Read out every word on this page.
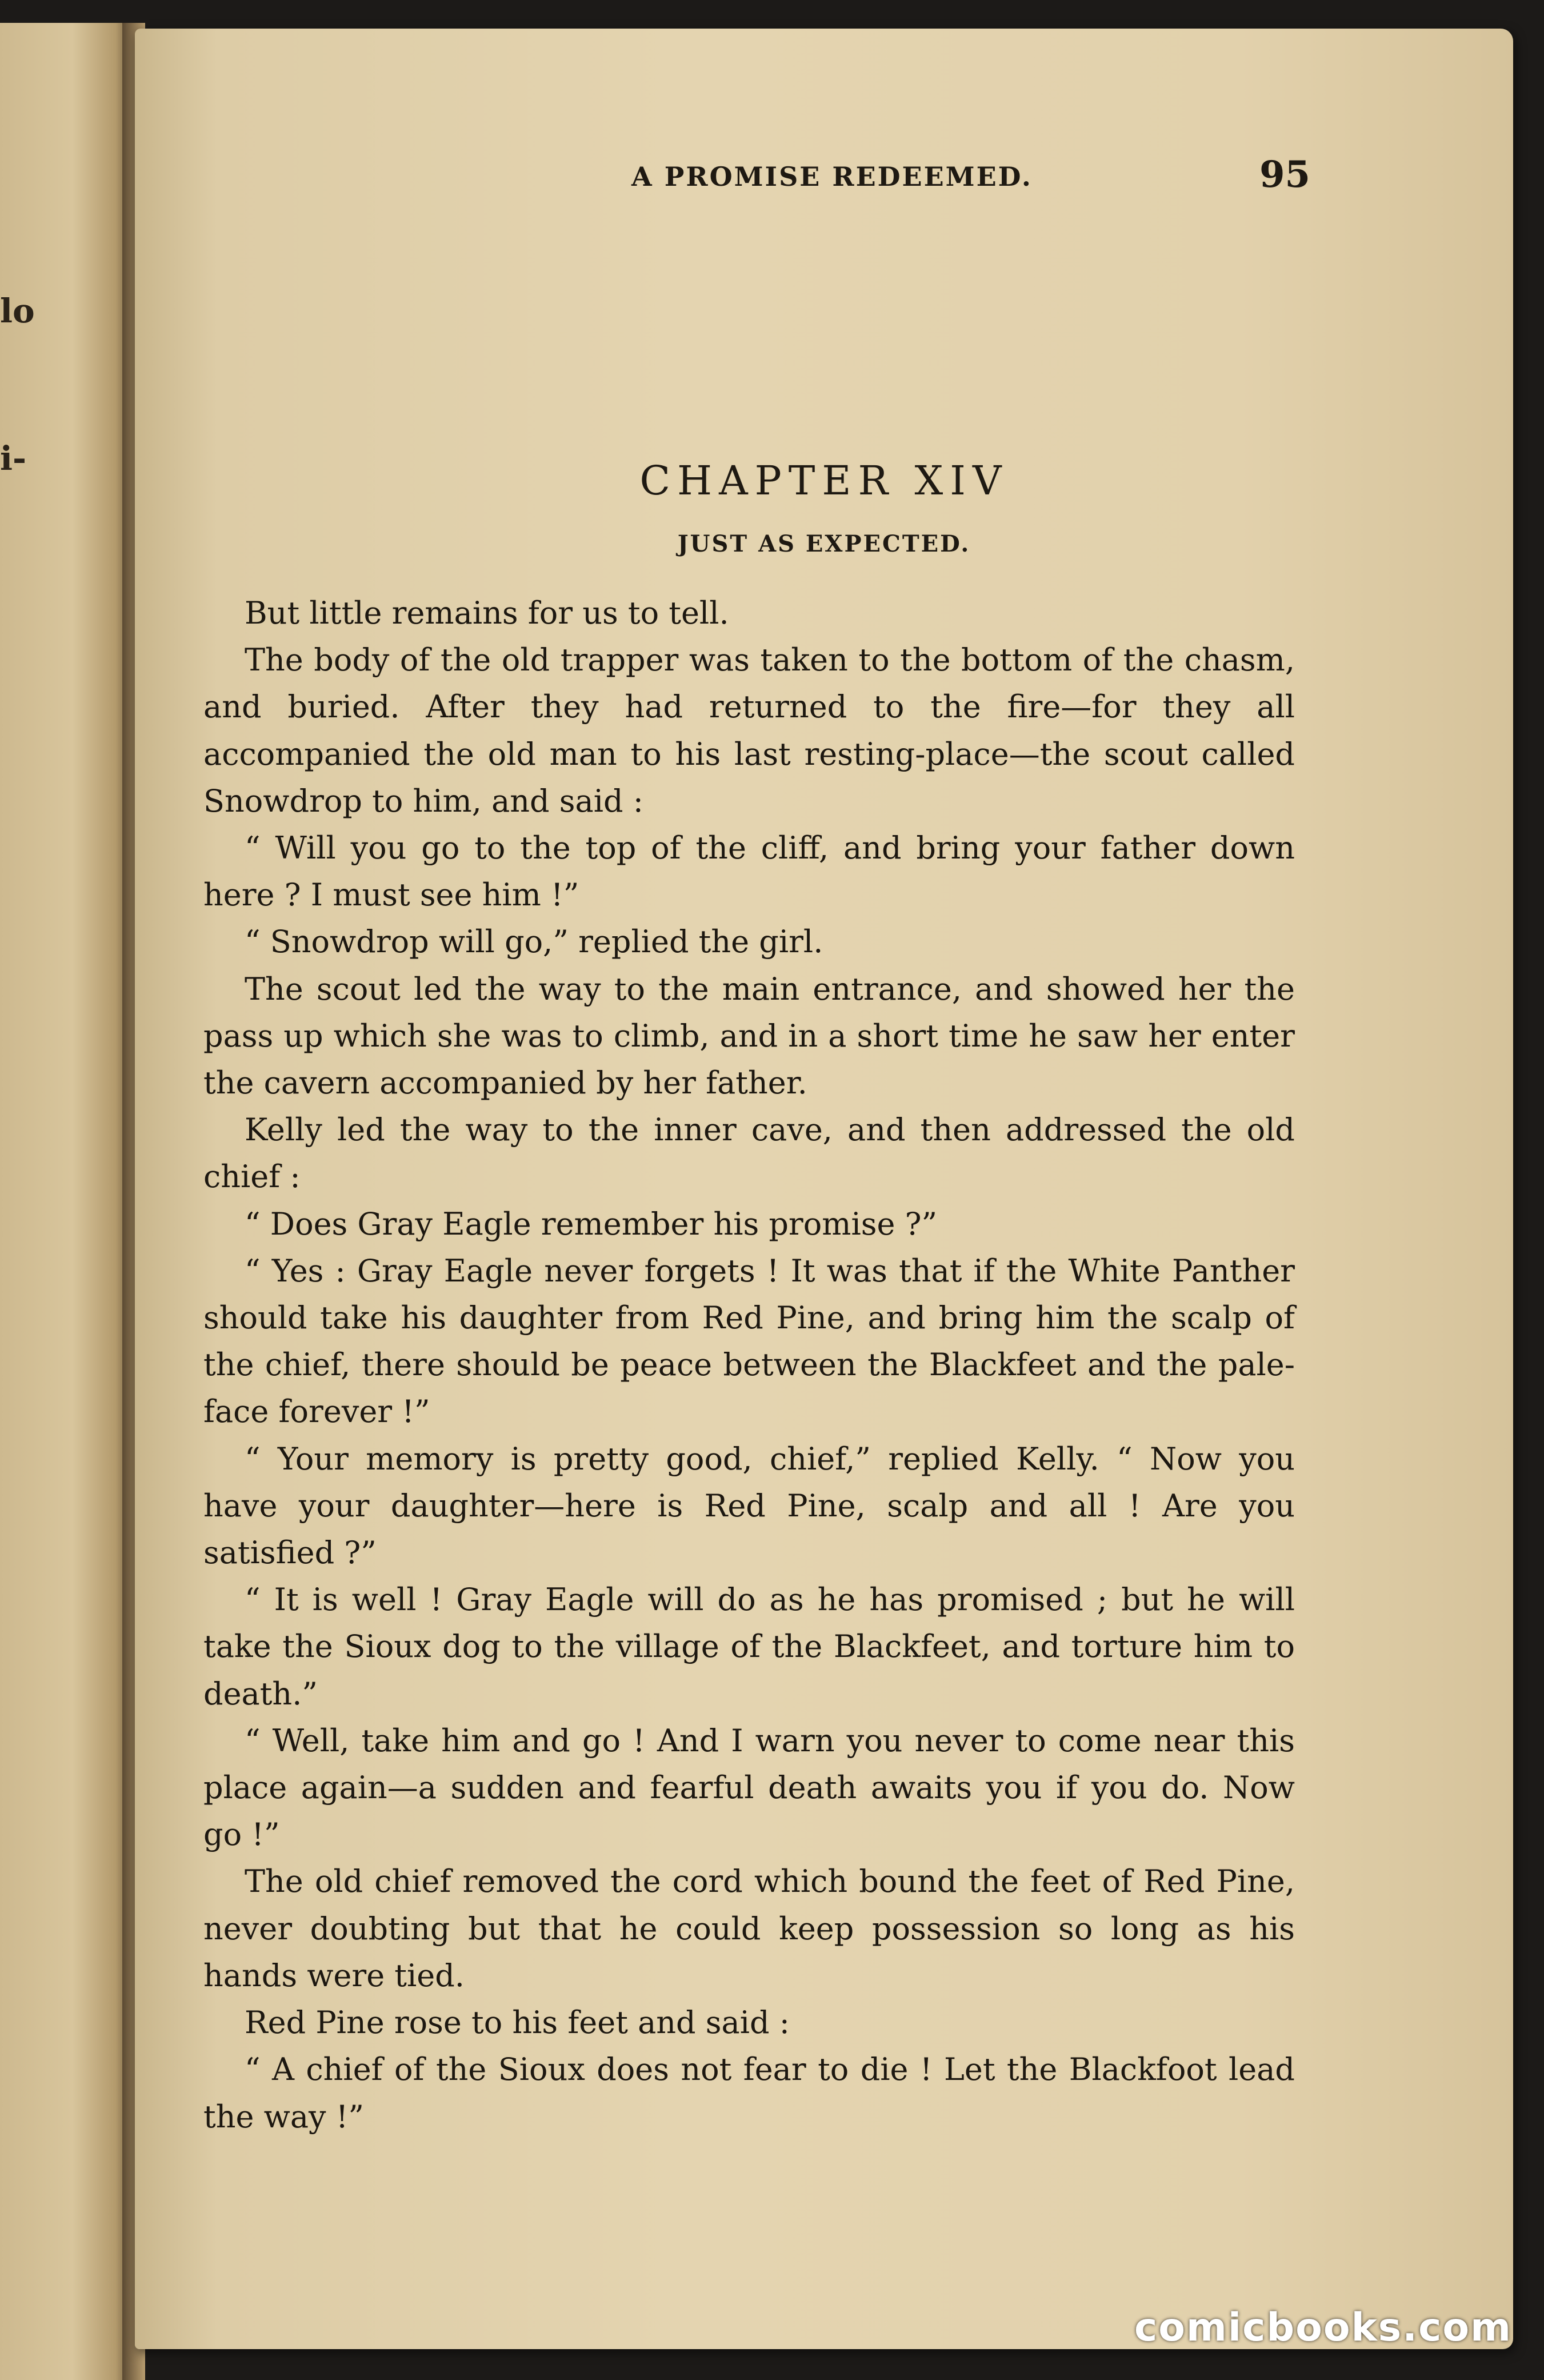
lo
i-
A PROMISE REDEEMED.	95
CHAPTER XIV
JUST AS EXPECTED.

But little remains for us to tell.

The body of the old trapper was taken to the bottom of the chasm, and buried. After they had returned to the fire—for they all accompanied the old man to his last resting-place—the scout called Snowdrop to him, and said :

“ Will you go to the top of the cliff, and bring your father down here ? I must see him !”

“ Snowdrop will go,” replied the girl.

The scout led the way to the main entrance, and showed her the pass up which she was to climb, and in a short time he saw her enter the cavern accompanied by her father.

Kelly led the way to the inner cave, and then addressed the old chief :

“ Does Gray Eagle remember his promise ?”

“ Yes : Gray Eagle never forgets ! It was that if the White Panther should take his daughter from Red Pine, and bring him the scalp of the chief, there should be peace between the Blackfeet and the pale-face forever !”

“ Your memory is pretty good, chief,” replied Kelly. “ Now you have your daughter—here is Red Pine, scalp and all ! Are you satisfied ?”

“ It is well ! Gray Eagle will do as he has promised ; but he will take the Sioux dog to the village of the Blackfeet, and torture him to death.”

“ Well, take him and go ! And I warn you never to come near this place again—a sudden and fearful death awaits you if you do. Now go !”

The old chief removed the cord which bound the feet of Red Pine, never doubting but that he could keep possession so long as his hands were tied.

Red Pine rose to his feet and said :

“ A chief of the Sioux does not fear to die ! Let the Blackfoot lead the way !”

comicbooks.com
